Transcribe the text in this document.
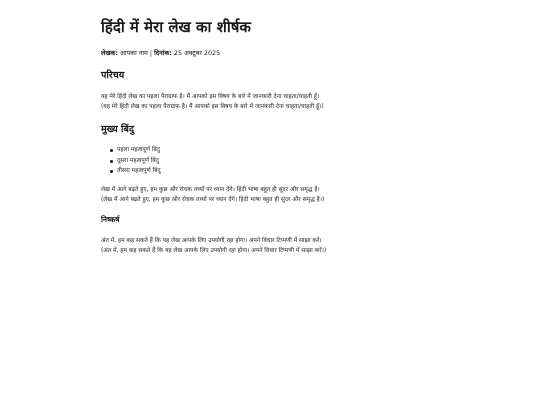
हिंदी में मेरा लेख का शीर्षक

लेखक: आपका नाम | दिनांक: 25 अक्टूबर 2025

परिचय

यह मेरे हिंदी लेख का पहला पैराग्राफ है। मैं आपको इस विषय के बारे में जानकारी देना चाहता/चाहती हूँ।
(यह मेरे हिंदी लेख का पहला पैराग्राफ है। मैं आपको इस विषय के बारे में जानकारी देना चाहता/चाहती हूँ।)

मुख्य बिंदु
पहला महत्वपूर्ण बिंदु
दूसरा महत्वपूर्ण बिंदु
तीसरा महत्वपूर्ण बिंदु

लेख में आगे बढ़ते हुए, हम कुछ और रोचक तथ्यों पर ध्यान देंगे। हिंदी भाषा बहुत ही सुंदर और समृद्ध है।
(लेख में आगे बढ़ते हुए, हम कुछ और रोचक तथ्यों पर ध्यान देंगे। हिंदी भाषा बहुत ही सुंदर और समृद्ध है।)

निष्कर्ष

अंत में, हम कह सकते हैं कि यह लेख आपके लिए उपयोगी रहा होगा। अपने विचार टिप्पणी में साझा करें।
(अंत में, हम कह सकते हैं कि यह लेख आपके लिए उपयोगी रहा होगा। अपने विचार टिप्पणी में साझा करें।)
